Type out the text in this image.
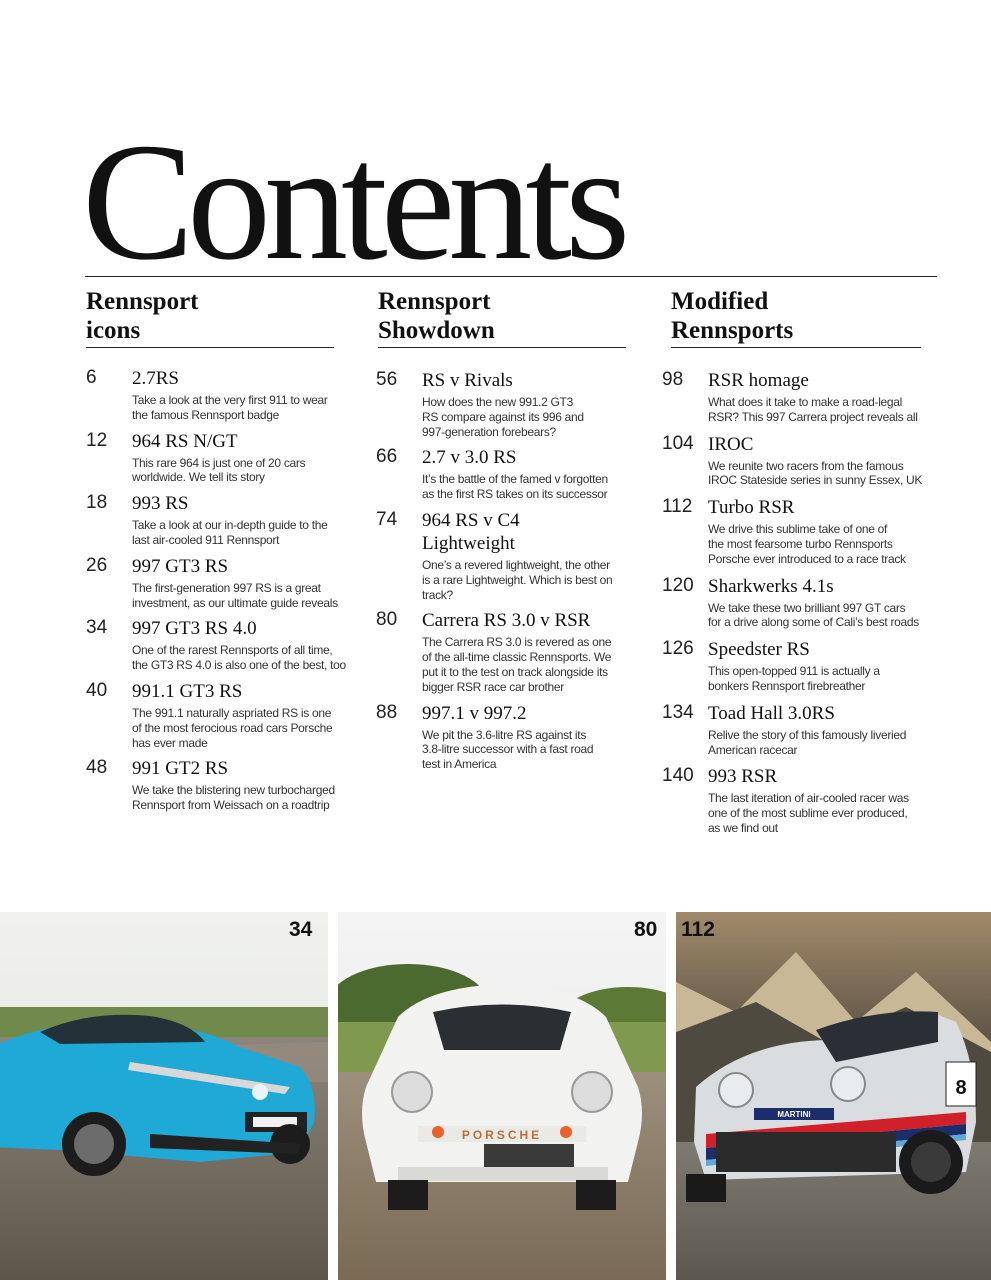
Contents
Rennsport
icons
6 2.7RS
Take a look at the very first 911 to wear
the famous Rennsport badge
12 964 RS N/GT
This rare 964 is just one of 20 cars
worldwide. We tell its story
18 993 RS
Take a look at our in-depth guide to the
last air-cooled 911 Rennsport
26 997 GT3 RS
The first-generation 997 RS is a great
investment, as our ultimate guide reveals
34 997 GT3 RS 4.0
One of the rarest Rennsports of all time,
the GT3 RS 4.0 is also one of the best, too
40 991.1 GT3 RS
The 991.1 naturally aspriated RS is one
of the most ferocious road cars Porsche
has ever made
48 991 GT2 RS
We take the blistering new turbocharged
Rennsport from Weissach on a roadtrip
Rennsport
Showdown
56 RS v Rivals
How does the new 991.2 GT3
RS compare against its 996 and
997-generation forebears?
66 2.7 v 3.0 RS
It’s the battle of the famed v forgotten
as the first RS takes on its successor
74 964 RS v C4
Lightweight
One’s a revered lightweight, the other
is a rare Lightweight. Which is best on
track?
80 Carrera RS 3.0 v RSR
The Carrera RS 3.0 is revered as one
of the all-time classic Rennsports. We
put it to the test on track alongside its
bigger RSR race car brother
88 997.1 v 997.2
We pit the 3.6-litre RS against its
3.8-litre successor with a fast road
test in America
Modified
Rennsports
98 RSR homage
What does it take to make a road-legal
RSR? This 997 Carrera project reveals all
104 IROC
We reunite two racers from the famous
IROC Stateside series in sunny Essex, UK
112 Turbo RSR
We drive this sublime take of one of
the most fearsome turbo Rennsports
Porsche ever introduced to a race track
120 Sharkwerks 4.1s
We take these two brilliant 997 GT cars
for a drive along some of Cali’s best roads
126 Speedster RS
This open-topped 911 is actually a
bonkers Rennsport firebreather
134 Toad Hall 3.0RS
Relive the story of this famously liveried
American racecar
140 993 RSR
The last iteration of air-cooled racer was
one of the most sublime ever produced,
as we find out
34
PORSCHE
80
8
MARTINI
112
